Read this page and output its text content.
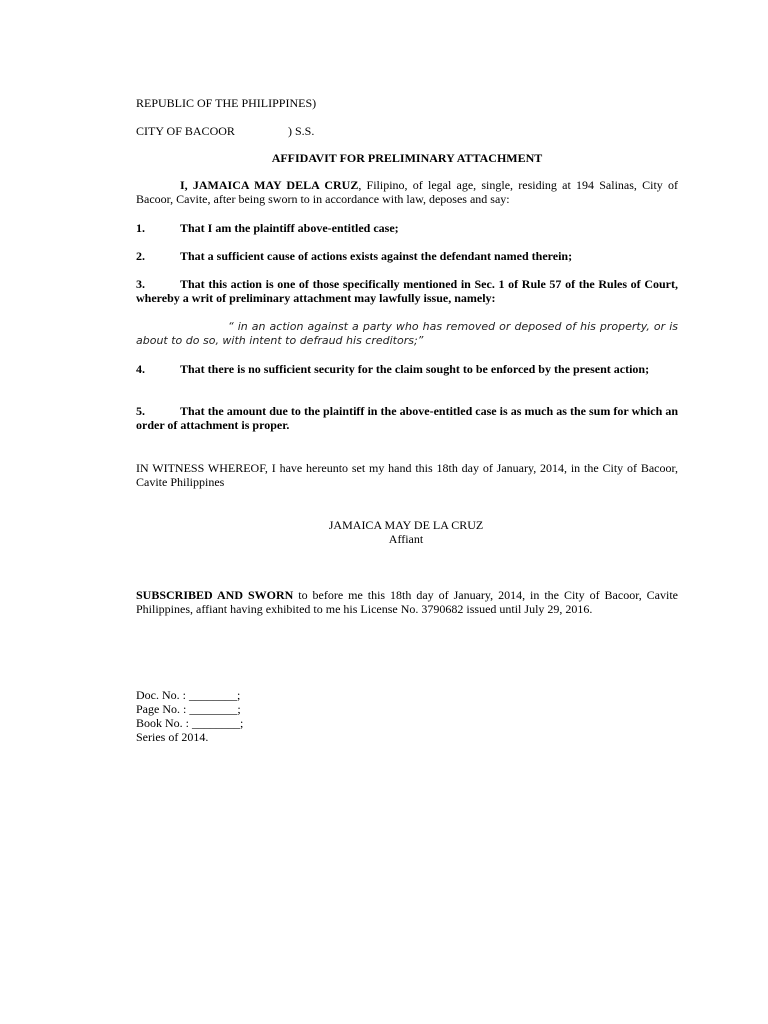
REPUBLIC OF THE PHILIPPINES)
CITY OF BACOOR	) S.S.
AFFIDAVIT FOR PRELIMINARY ATTACHMENT
I, JAMAICA MAY DELA CRUZ, Filipino, of legal age, single, residing at 194 Salinas, City of Bacoor, Cavite, after being sworn to in accordance with law, deposes and say:
1.	That I am the plaintiff above-entitled case;
2.	That a sufficient cause of actions exists against the defendant named therein;
3.	That this action is one of those specifically mentioned in Sec. 1 of Rule 57 of the Rules of Court, whereby a writ of preliminary attachment may lawfully issue, namely:
“ in an action against a party who has removed or deposed of his property, or is about to do so, with intent to defraud his creditors;”
4.	That there is no sufficient security for the claim sought to be enforced by the present action;
5.	That the amount due to the plaintiff in the above-entitled case is as much as the sum for which an order of attachment is proper.
IN WITNESS WHEREOF, I have hereunto set my hand this 18th day of January, 2014, in the City of Bacoor, Cavite Philippines
JAMAICA MAY DE LA CRUZ
Affiant
SUBSCRIBED AND SWORN to before me this 18th day of January, 2014, in the City of Bacoor, Cavite Philippines, affiant having exhibited to me his License No. 3790682 issued until July 29, 2016.
Doc. No. : ________;
Page No. : ________;
Book No. : ________;
Series of 2014.
